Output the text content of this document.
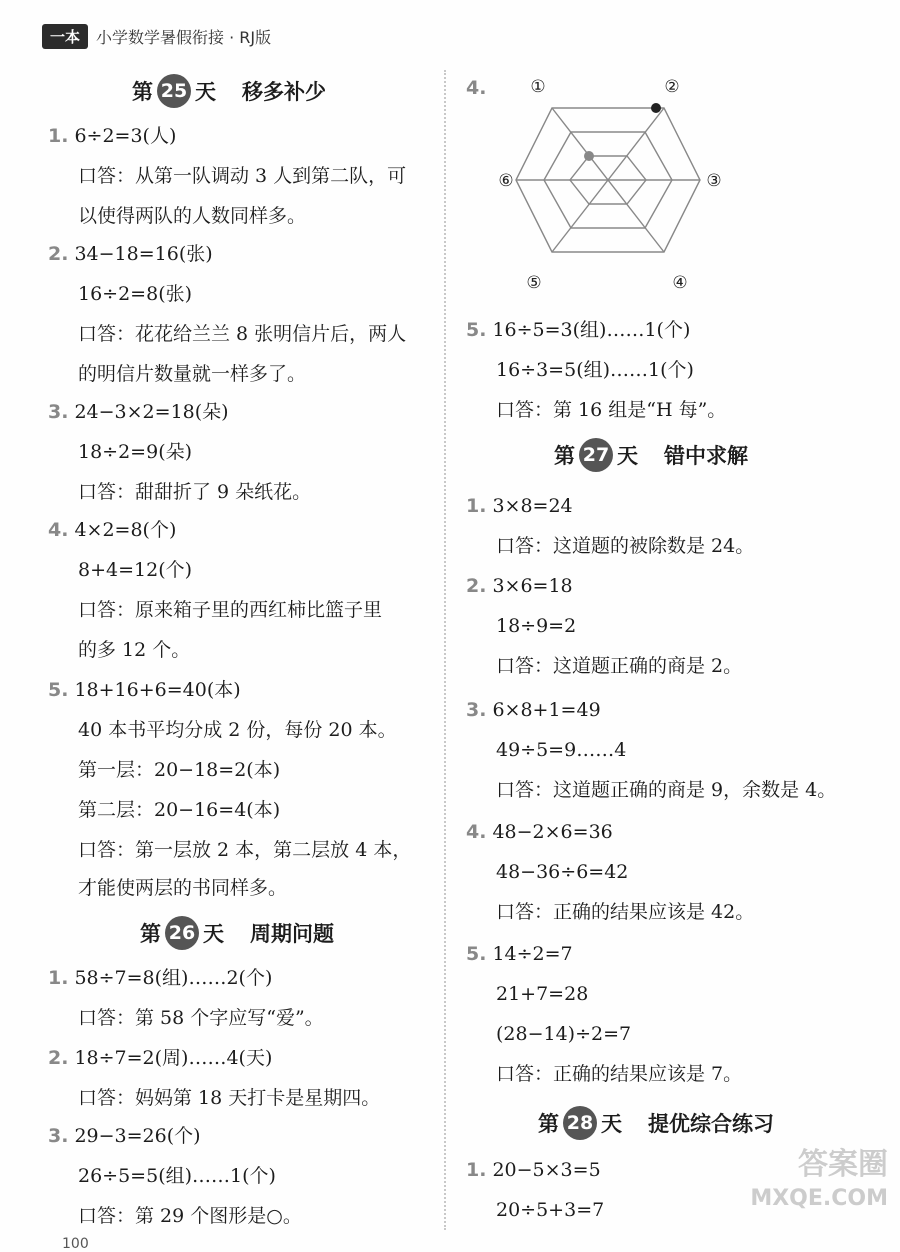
一本	小学数学暑假衔接 · RJ版
第 25 天 移多补少
1. 6÷2=3(人)
口答：从第一队调动 3 人到第二队，可
以使得两队的人数同样多。
2. 34−18=16(张)
16÷2=8(张)
口答：花花给兰兰 8 张明信片后，两人
的明信片数量就一样多了。
3. 24−3×2=18(朵)
18÷2=9(朵)
口答：甜甜折了 9 朵纸花。
4. 4×2=8(个)
8+4=12(个)
口答：原来箱子里的西红柿比篮子里
的多 12 个。
5. 18+16+6=40(本)
40 本书平均分成 2 份，每份 20 本。
第一层：20−18=2(本)
第二层：20−16=4(本)
口答：第一层放 2 本，第二层放 4 本，
才能使两层的书同样多。
第 26 天 周期问题
1. 58÷7=8(组)……2(个)
口答：第 58 个字应写“爱”。
2. 18÷7=2(周)……4(天)
口答：妈妈第 18 天打卡是星期四。
3. 29−3=26(个)
26÷5=5(组)……1(个)
口答：第 29 个图形是○。
4.
5. 16÷5=3(组)……1(个)
16÷3=5(组)……1(个)
口答：第 16 组是“H 每”。
第 27 天 错中求解
1. 3×8=24
口答：这道题的被除数是 24。
2. 3×6=18
18÷9=2
口答：这道题正确的商是 2。
3. 6×8+1=49
49÷5=9……4
口答：这道题正确的商是 9，余数是 4。
4. 48−2×6=36
48−36÷6=42
口答：正确的结果应该是 42。
5. 14÷2=7
21+7=28
(28−14)÷2=7
口答：正确的结果应该是 7。
第 28 天 提优综合练习
1. 20−5×3=5
20÷5+3=7
①	②
③
④
⑤
⑥
答案圈
MXQE.COM
100
